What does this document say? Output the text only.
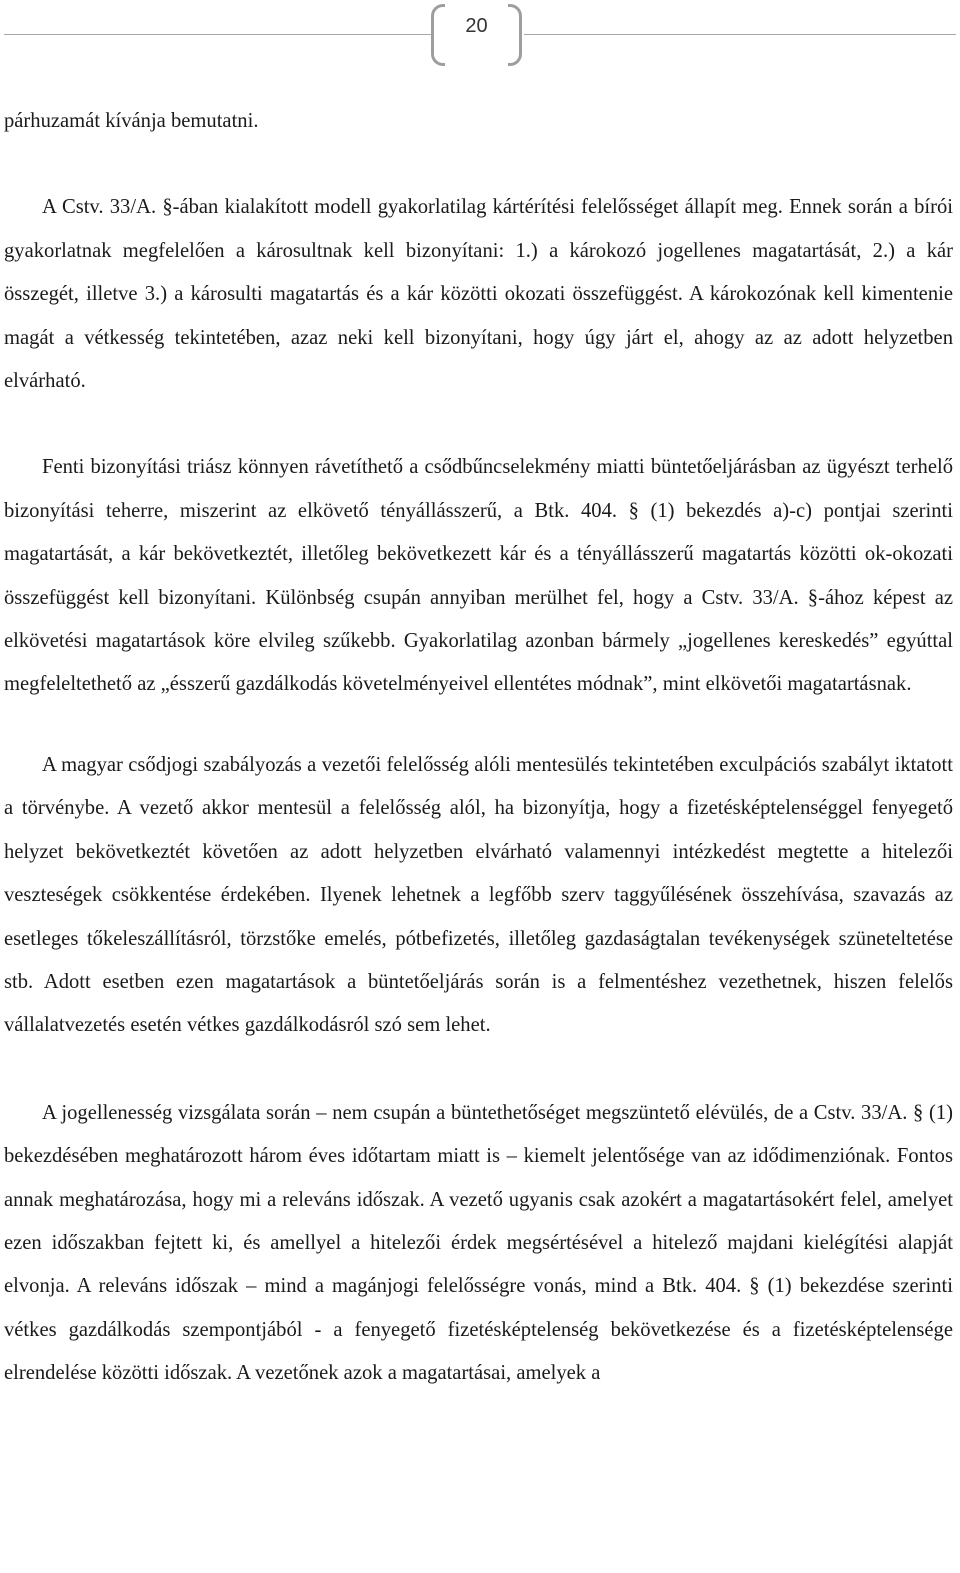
20

párhuzamát kívánja bemutatni.

A Cstv. 33/A. §-ában kialakított modell gyakorlatilag kártérítési felelősséget állapít meg. Ennek során a bírói gyakorlatnak megfelelően a károsultnak kell bizonyítani: 1.) a károkozó jogellenes magatartását, 2.) a kár összegét, illetve 3.) a károsulti magatartás és a kár közötti okozati összefüggést. A károkozónak kell kimentenie magát a vétkesség tekintetében, azaz neki kell bizonyítani, hogy úgy járt el, ahogy az az adott helyzetben elvárható.

Fenti bizonyítási triász könnyen rávetíthető a csődbűncselekmény miatti büntetőeljárásban az ügyészt terhelő bizonyítási teherre, miszerint az elkövető tényállásszerű, a Btk. 404. § (1) bekezdés a)-c) pontjai szerinti magatartását, a kár bekövetkeztét, illetőleg bekövetkezett kár és a tényállásszerű magatartás közötti ok-okozati összefüggést kell bizonyítani. Különbség csupán annyiban merülhet fel, hogy a Cstv. 33/A. §-ához képest az elkövetési magatartások köre elvileg szűkebb. Gyakorlatilag azonban bármely „jogellenes kereskedés” egyúttal megfeleltethető az „ésszerű gazdálkodás követelményeivel ellentétes módnak”, mint elkövetői magatartásnak.

A magyar csődjogi szabályozás a vezetői felelősség alóli mentesülés tekintetében exculpációs szabályt iktatott a törvénybe. A vezető akkor mentesül a felelősség alól, ha bizonyítja, hogy a fizetésképtelenséggel fenyegető helyzet bekövetkeztét követően az adott helyzetben elvárható valamennyi intézkedést megtette a hitelezői veszteségek csökkentése érdekében. Ilyenek lehetnek a legfőbb szerv taggyűlésének összehívása, szavazás az esetleges tőkeleszállításról, törzstőke emelés, pótbefizetés, illetőleg gazdaságtalan tevékenységek szüneteltetése stb. Adott esetben ezen magatartások a büntetőeljárás során is a felmentéshez vezethetnek, hiszen felelős vállalatvezetés esetén vétkes gazdálkodásról szó sem lehet.

A jogellenesség vizsgálata során – nem csupán a büntethetőséget megszüntető elévülés, de a Cstv. 33/A. § (1) bekezdésében meghatározott három éves időtartam miatt is – kiemelt jelentősége van az idődimenziónak. Fontos annak meghatározása, hogy mi a releváns időszak. A vezető ugyanis csak azokért a magatartásokért felel, amelyet ezen időszakban fejtett ki, és amellyel a hitelezői érdek megsértésével a hitelező majdani kielégítési alapját elvonja. A releváns időszak – mind a magánjogi felelősségre vonás, mind a Btk. 404. § (1) bekezdése szerinti vétkes gazdálkodás szempontjából - a fenyegető fizetésképtelenség bekövetkezése és a fizetésképtelensége elrendelése közötti időszak. A vezetőnek azok a magatartásai, amelyek a
